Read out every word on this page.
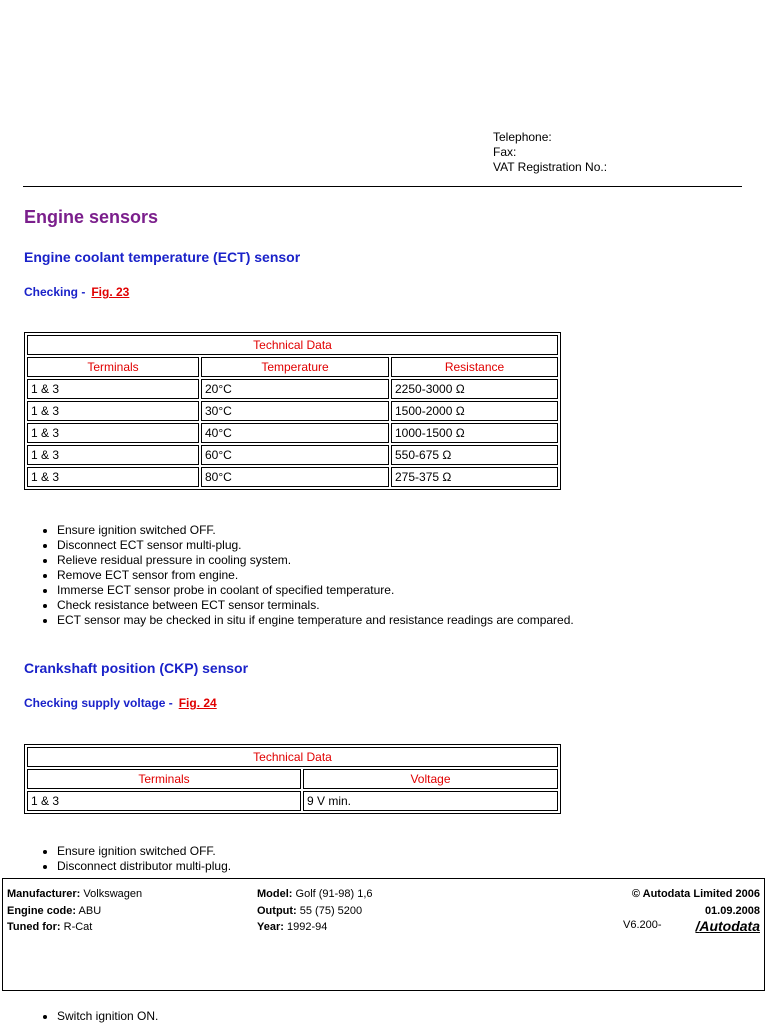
Telephone:
Fax:
VAT Registration No.:
Engine sensors
Engine coolant temperature (ECT) sensor
Checking - Fig. 23
Technical Data		
Terminals	Temperature	Resistance
1 & 3	20°C	2250-3000 Ω
1 & 3	30°C	1500-2000 Ω
1 & 3	40°C	1000-1500 Ω
1 & 3	60°C	550-675 Ω
1 & 3	80°C	275-375 Ω
• Ensure ignition switched OFF.
• Disconnect ECT sensor multi-plug.
• Relieve residual pressure in cooling system.
• Remove ECT sensor from engine.
• Immerse ECT sensor probe in coolant of specified temperature.
• Check resistance between ECT sensor terminals.
• ECT sensor may be checked in situ if engine temperature and resistance readings are compared.
Crankshaft position (CKP) sensor
Checking supply voltage - Fig. 24
Technical Data	
Terminals	Voltage
1 & 3	9 V min.
• Ensure ignition switched OFF.
• Disconnect distributor multi-plug.
Manufacturer: Volkswagen
Engine code: ABU
Tuned for: R-Cat
Model: Golf (91-98) 1,6
Output: 55 (75) 5200
Year: 1992-94
© Autodata Limited 2006
01.09.2008
V6.200- /Autodata
• Switch ignition ON.
